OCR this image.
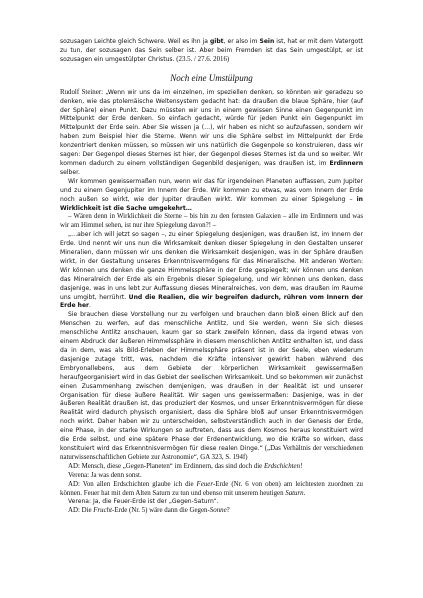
sozusagen Leichte gleich Schwere. Weil es ihn ja gibt, er also im Sein ist, hat er mit dem Vatergott zu tun, der sozusagen das Sein selber ist. Aber beim Fremden ist das Sein umgestülpt, er ist sozusagen ein umgestülpter Christus. (23.5. / 27.6. 2016)

Noch eine Umstülpung

Rudolf Steiner: „Wenn wir uns da im einzelnen, im speziellen denken, so könnten wir geradezu so denken, wie das ptolemäische Weltensystem gedacht hat: da draußen die blaue Sphäre, hier (auf der Sphäre) einen Punkt. Dazu müssten wir uns in einem gewissen Sinne einen Gegenpunkt im Mittelpunkt der Erde denken. So einfach gedacht, würde für jeden Punkt ein Gegenpunkt im Mittelpunkt der Erde sein. Aber Sie wissen ja (…), wir haben es nicht so aufzufassen, sondern wir haben zum Beispiel hier die Sterne. Wenn wir uns die Sphäre selbst im Mittelpunkt der Erde konzentriert denken müssen, so müssen wir uns natürlich die Gegenpole so konstruieren, dass wir sagen: Der Gegenpol dieses Sternes ist hier, der Gegenpol dieses Sternes ist da und so weiter. Wir kommen dadurch zu einem vollständigen Gegenbild desjenigen, was draußen ist, im Erdinnern selber.

Wir kommen gewissermaßen nun, wenn wir das für irgendeinen Planeten auffassen, zum Jupiter und zu einem Gegenjupiter im Innern der Erde. Wir kommen zu etwas, was vom Innern der Erde noch außen so wirkt, wie der Jupiter draußen wirkt. Wir kommen zu einer Spiegelung – in Wirklichkeit ist die Sache umgekehrt…

– Wären denn in Wirklichkeit die Sterne – bis hin zu den fernsten Galaxien – alle im Erdinnern und was wir am Himmel sehen, ist nur ihre Spiegelung davon?! –

„…aber ich will jetzt so sagen –, zu einer Spiegelung desjenigen, was draußen ist, im Innern der Erde. Und nennt wir uns nun die Wirksamkeit denken dieser Spiegelung in den Gestalten unserer Mineralien, dann müssen wir uns denken die Wirksamkeit desjenigen, was in der Sphäre draußen wirkt, in der Gestaltung unseres Erkenntnisvermögens für das Mineralische. Mit anderen Worten: Wir können uns denken die ganze Himmelssphäre in der Erde gespiegelt; wir können uns denken das Mineralreich der Erde als ein Ergebnis dieser Spiegelung, und wir können uns denken, dass dasjenige, was in uns lebt zur Auffassung dieses Mineralreiches, von dem, was draußen im Raume uns umgibt, herrührt. Und die Realien, die wir begreifen dadurch, rühren vom Innern der Erde her.

Sie brauchen diese Vorstellung nur zu verfolgen und brauchen dann bloß einen Blick auf den Menschen zu werfen, auf das menschliche Antlitz, und Sie werden, wenn Sie sich dieses menschliche Antlitz anschauen, kaum gar so stark zweifeln können, dass da irgend etwas von einem Abdruck der äußeren Himmelssphäre in diesem menschlichen Antlitz enthalten ist, und dass da in dem, was als Bild-Erleben der Himmelssphäre präsent ist in der Seele, eben wiederum dasjenige zutage tritt, was, nachdem die Kräfte intensiver gewirkt haben während des Embryonallebens, aus dem Gebiete der körperlichen Wirksamkeit gewissermaßen heraufgeorganisiert wird in das Gebiet der seelischen Wirksamkeit. Und so bekommen wir zunächst einen Zusammenhang zwischen demjenigen, was draußen in der Realität ist und unserer Organisation für diese äußere Realität. Wir sagen uns gewissermaßen: Dasjenige, was in der äußeren Realität draußen ist, das produziert der Kosmos, und unser Erkenntnisvermögen für diese Realität wird dadurch physisch organisiert, dass die Sphäre bloß auf unser Erkenntnisvermögen noch wirkt. Daher haben wir zu unterscheiden, selbstverständlich auch in der Genesis der Erde, eine Phase, in der starke Wirkungen so auftreten, dass aus dem Kosmos heraus konstituiert wird die Erde selbst, und eine spätere Phase der Erdenentwicklung, wo die Kräfte so wirken, dass konstituiert wird das Erkenntnisvermögen für diese realen Dinge.“ („Das Verhältnis der verschiedenen naturwissenschaftlichen Gebiete zur Astronomie“, GA 323, S. 194f)

AD: Mensch, diese „Gegen-Planeten“ im Erdinnern, das sind doch die Erdschichten!

Verena: Ja was denn sonst.

AD: Von allen Erdschichten glaube ich die Feuer-Erde (Nr. 6 von oben) am leichtesten zuordnen zu können. Feuer hat mit dem Alten Saturn zu tun und ebenso mit unserem heutigen Saturn.

Verena: Ja, die Feuer-Erde ist der „Gegen-Saturn“.

AD: Die Frucht-Erde (Nr. 5) wäre dann die Gegen-Sonne?
